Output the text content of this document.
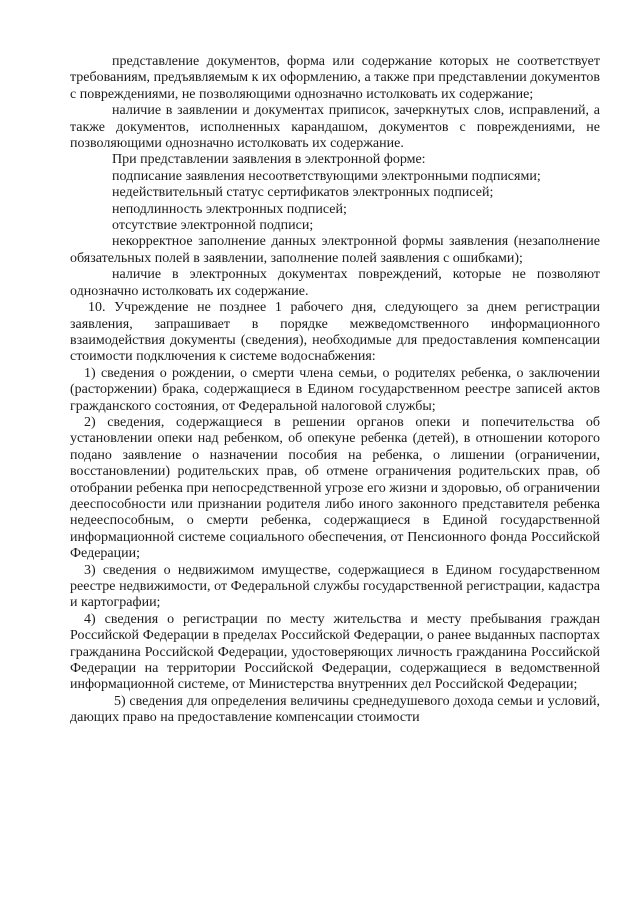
представление документов, форма или содержание которых не соответствует требованиям, предъявляемым к их оформлению, а также при представлении документов с повреждениями, не позволяющими однозначно истолковать их содержание;

наличие в заявлении и документах приписок, зачеркнутых слов, исправлений, а также документов, исполненных карандашом, документов с повреждениями, не позволяющими однозначно истолковать их содержание.

При представлении заявления в электронной форме:

подписание заявления несоответствующими электронными подписями;

недействительный статус сертификатов электронных подписей;

неподлинность электронных подписей;

отсутствие электронной подписи;

некорректное заполнение данных электронной формы заявления (незаполнение обязательных полей в заявлении, заполнение полей заявления с ошибками);

наличие в электронных документах повреждений, которые не позволяют однозначно истолковать их содержание.

10. Учреждение не позднее 1 рабочего дня, следующего за днем регистрации заявления, запрашивает в порядке межведомственного информационного взаимодействия документы (сведения), необходимые для предоставления компенсации стоимости подключения к системе водоснабжения:

1) сведения о рождении, о смерти члена семьи, о родителях ребенка, о заключении (расторжении) брака, содержащиеся в Едином государственном реестре записей актов гражданского состояния, от Федеральной налоговой службы;

2) сведения, содержащиеся в решении органов опеки и попечительства об установлении опеки над ребенком, об опекуне ребенка (детей), в отношении которого подано заявление о назначении пособия на ребенка, о лишении (ограничении, восстановлении) родительских прав, об отмене ограничения родительских прав, об отобрании ребенка при непосредственной угрозе его жизни и здоровью, об ограничении дееспособности или признании родителя либо иного законного представителя ребенка недееспособным, о смерти ребенка, содержащиеся в Единой государственной информационной системе социального обеспечения, от Пенсионного фонда Российской Федерации;

3) сведения о недвижимом имуществе, содержащиеся в Едином государственном реестре недвижимости, от Федеральной службы государственной регистрации, кадастра и картографии;

4) сведения о регистрации по месту жительства и месту пребывания граждан Российской Федерации в пределах Российской Федерации, о ранее выданных паспортах гражданина Российской Федерации, удостоверяющих личность гражданина Российской Федерации на территории Российской Федерации, содержащиеся в ведомственной информационной системе, от Министерства внутренних дел Российской Федерации;

5) сведения для определения величины среднедушевого дохода семьи и условий, дающих право на предоставление компенсации стоимости
